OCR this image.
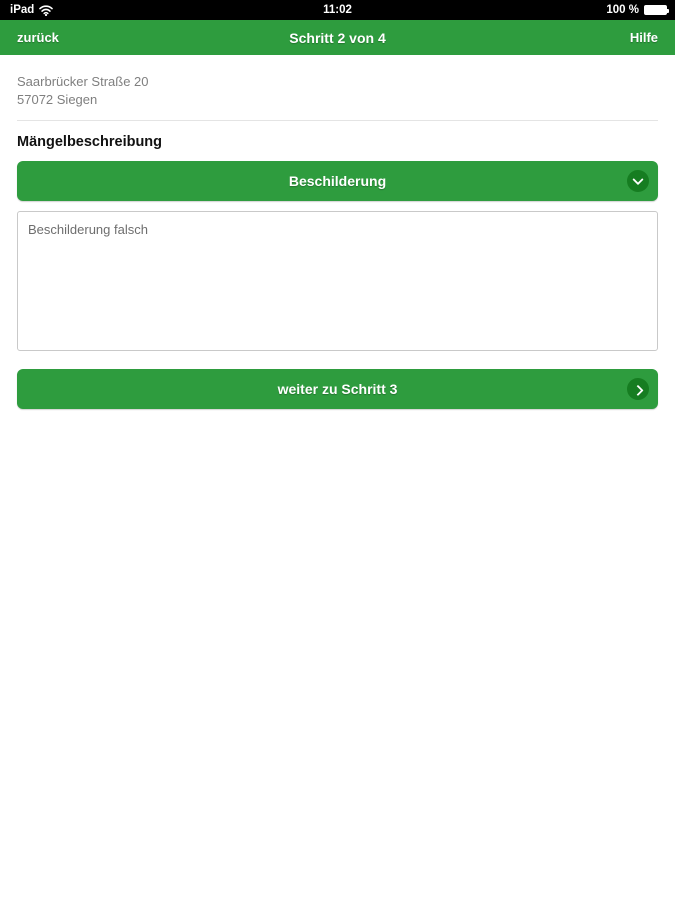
iPad	11:02	100 %
zurück	Schritt 2 von 4	Hilfe
Saarbrücker Straße 20
57072 Siegen
Mängelbeschreibung
Beschilderung
Beschilderung falsch
weiter zu Schritt 3
